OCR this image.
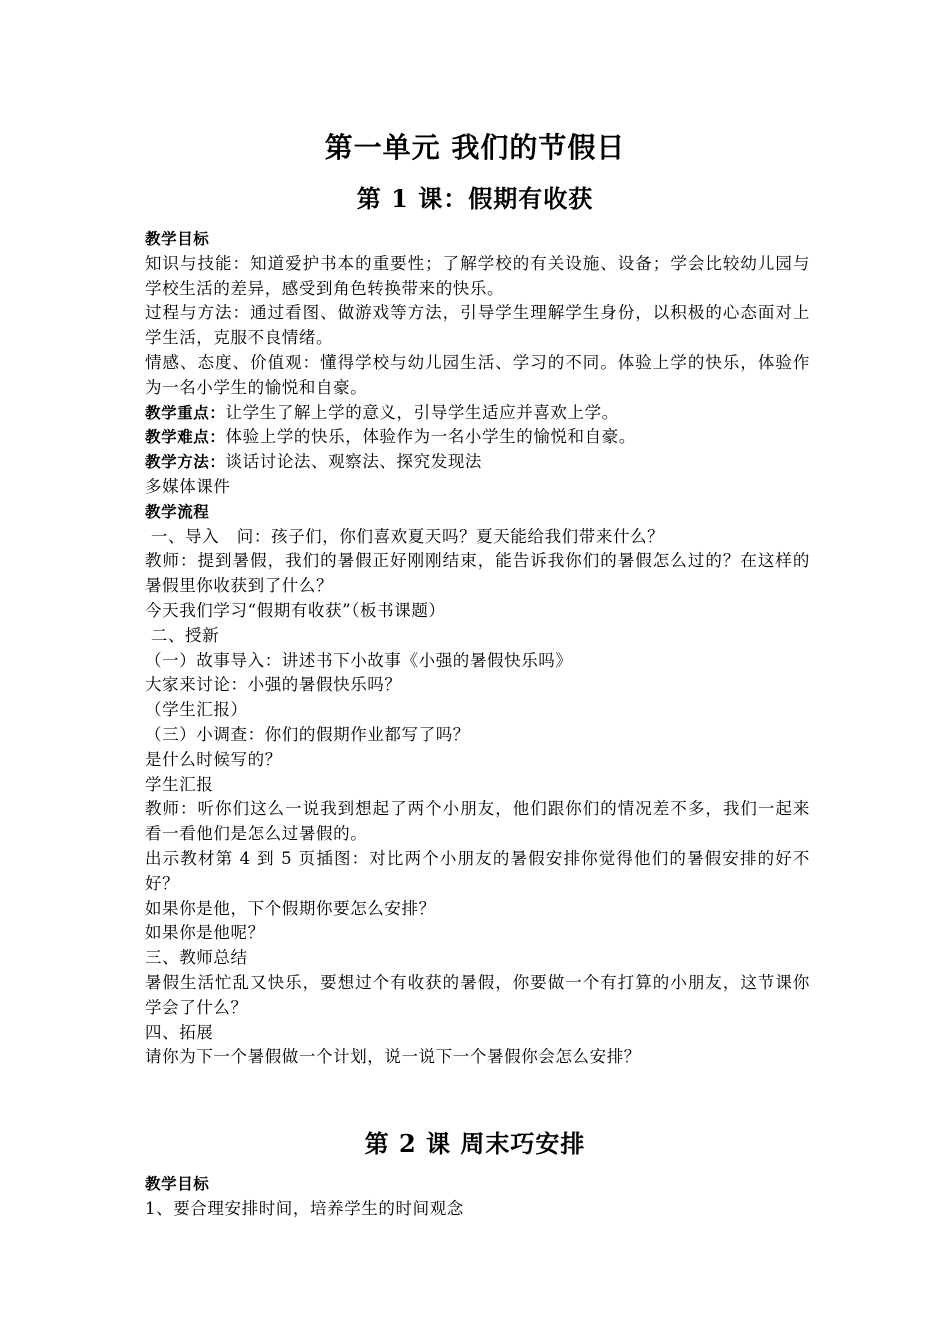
第一单元 我们的节假日
第 1 课：假期有收获

教学目标

知识与技能：知道爱护书本的重要性；了解学校的有关设施、设备；学会比较幼儿园与学校生活的差异，感受到角色转换带来的快乐。

过程与方法：通过看图、做游戏等方法，引导学生理解学生身份，以积极的心态面对上学生活，克服不良情绪。

情感、态度、价值观：懂得学校与幼儿园生活、学习的不同。体验上学的快乐，体验作为一名小学生的愉悦和自豪。

教学重点：让学生了解上学的意义，引导学生适应并喜欢上学。

教学难点：体验上学的快乐，体验作为一名小学生的愉悦和自豪。

教学方法：谈话讨论法、观察法、探究发现法

多媒体课件

教学流程

一、导入   问：孩子们，你们喜欢夏天吗？夏天能给我们带来什么？

教师：提到暑假，我们的暑假正好刚刚结束，能告诉我你们的暑假怎么过的？在这样的暑假里你收获到了什么？

今天我们学习“假期有收获”（板书课题）

二、授新

（一）故事导入：讲述书下小故事《小强的暑假快乐吗》

大家来讨论：小强的暑假快乐吗？

（学生汇报）

（三）小调查：你们的假期作业都写了吗？

是什么时候写的？

学生汇报

教师：听你们这么一说我到想起了两个小朋友，他们跟你们的情况差不多，我们一起来看一看他们是怎么过暑假的。

出示教材第 4 到 5 页插图：对比两个小朋友的暑假安排你觉得他们的暑假安排的好不好？

如果你是他，下个假期你要怎么安排？

如果你是他呢？

三、教师总结

暑假生活忙乱又快乐，要想过个有收获的暑假，你要做一个有打算的小朋友，这节课你学会了什么？

四、拓展

请你为下一个暑假做一个计划，说一说下一个暑假你会怎么安排？

第 2 课 周末巧安排

教学目标

1、要合理安排时间，培养学生的时间观念
